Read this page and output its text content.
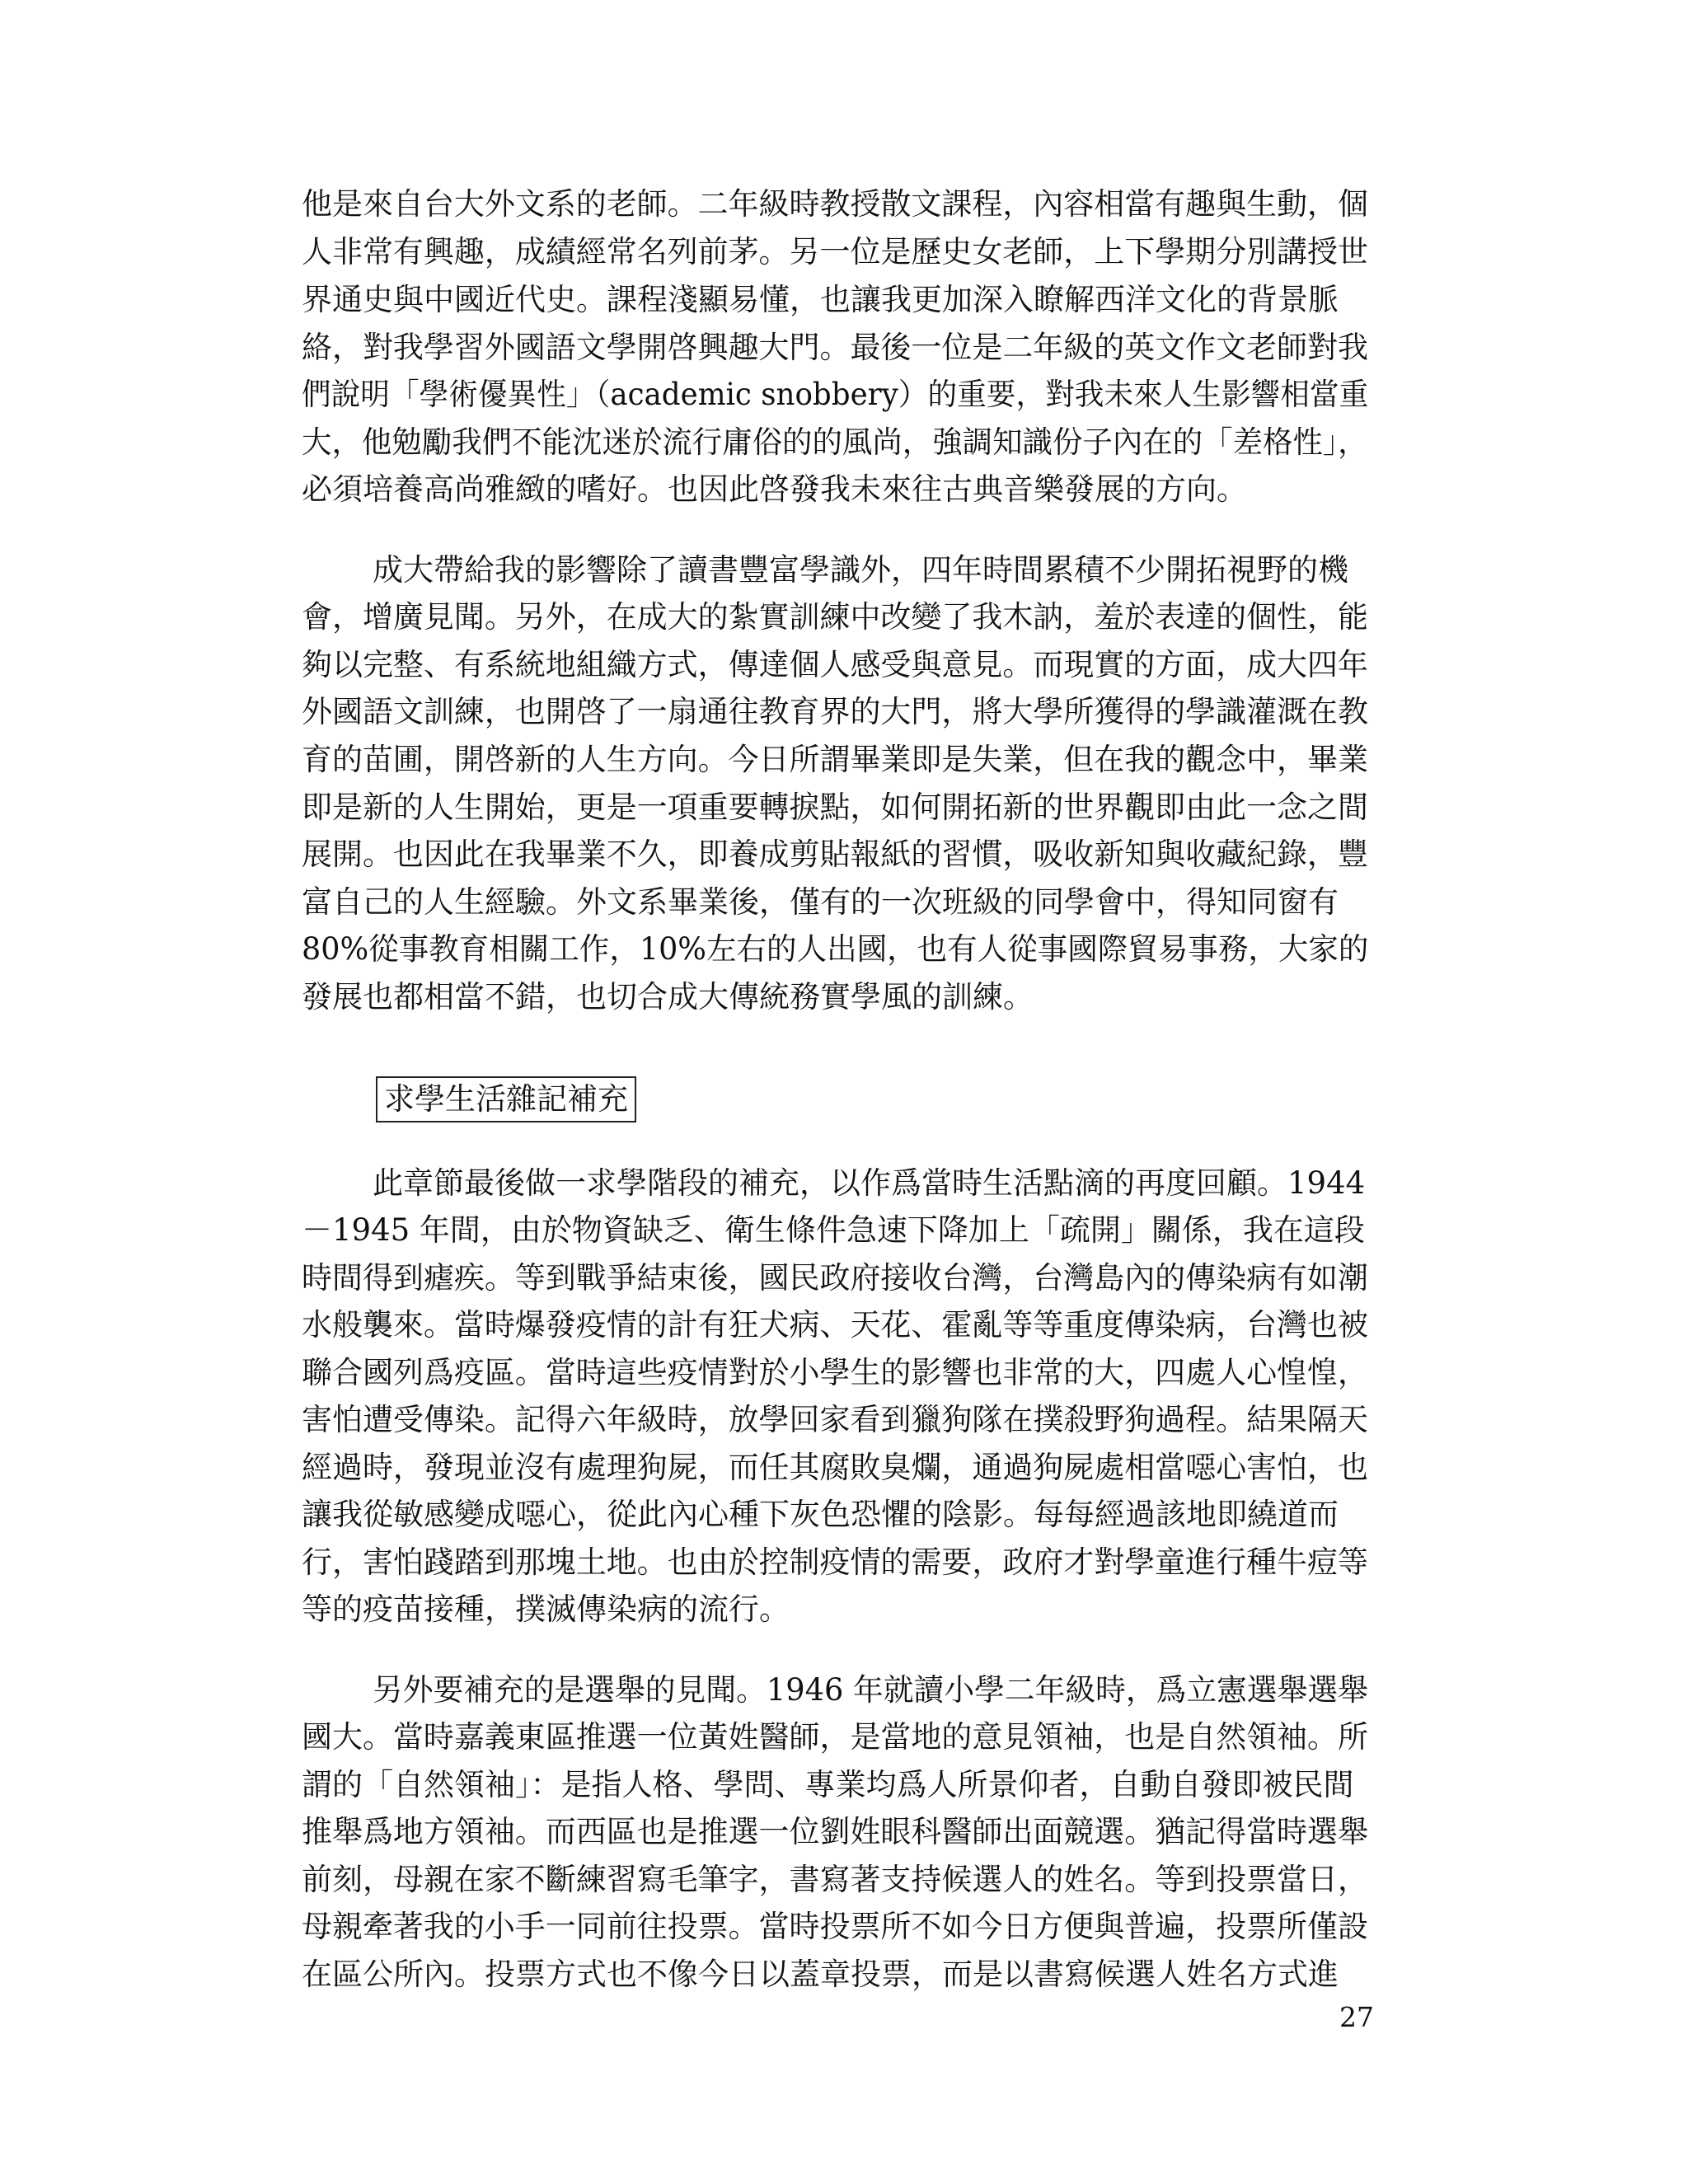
他是來自台大外文系的老師。二年級時教授散文課程，內容相當有趣與生動，個
人非常有興趣，成績經常名列前茅。另一位是歷史女老師，上下學期分別講授世
界通史與中國近代史。課程淺顯易懂，也讓我更加深入瞭解西洋文化的背景脈
絡，對我學習外國語文學開啓興趣大門。最後一位是二年級的英文作文老師對我
們說明「學術優異性」（academic snobbery）的重要，對我未來人生影響相當重
大，他勉勵我們不能沈迷於流行庸俗的的風尚，強調知識份子內在的「差格性」，
必須培養高尚雅緻的嗜好。也因此啓發我未來往古典音樂發展的方向。
成大帶給我的影響除了讀書豐富學識外，四年時間累積不少開拓視野的機
會，增廣見聞。另外，在成大的紮實訓練中改變了我木訥，羞於表達的個性，能
夠以完整、有系統地組織方式，傳達個人感受與意見。而現實的方面，成大四年
外國語文訓練，也開啓了一扇通往教育界的大門，將大學所獲得的學識灌溉在教
育的苗圃，開啓新的人生方向。今日所謂畢業即是失業，但在我的觀念中，畢業
即是新的人生開始，更是一項重要轉捩點，如何開拓新的世界觀即由此一念之間
展開。也因此在我畢業不久，即養成剪貼報紙的習慣，吸收新知與收藏紀錄，豐
富自己的人生經驗。外文系畢業後，僅有的一次班級的同學會中，得知同窗有
80%從事教育相關工作，10%左右的人出國，也有人從事國際貿易事務，大家的
發展也都相當不錯，也切合成大傳統務實學風的訓練。
求學生活雜記補充
此章節最後做一求學階段的補充，以作爲當時生活點滴的再度回顧。1944
－1945 年間，由於物資缺乏、衛生條件急速下降加上「疏開」關係，我在這段
時間得到瘧疾。等到戰爭結束後，國民政府接收台灣，台灣島內的傳染病有如潮
水般襲來。當時爆發疫情的計有狂犬病、天花、霍亂等等重度傳染病，台灣也被
聯合國列爲疫區。當時這些疫情對於小學生的影響也非常的大，四處人心惶惶，
害怕遭受傳染。記得六年級時，放學回家看到獵狗隊在撲殺野狗過程。結果隔天
經過時，發現並沒有處理狗屍，而任其腐敗臭爛，通過狗屍處相當噁心害怕，也
讓我從敏感變成噁心，從此內心種下灰色恐懼的陰影。每每經過該地即繞道而
行，害怕踐踏到那塊土地。也由於控制疫情的需要，政府才對學童進行種牛痘等
等的疫苗接種，撲滅傳染病的流行。
另外要補充的是選舉的見聞。1946 年就讀小學二年級時，爲立憲選舉選舉
國大。當時嘉義東區推選一位黃姓醫師，是當地的意見領袖，也是自然領袖。所
謂的「自然領袖」：是指人格、學問、專業均爲人所景仰者，自動自發即被民間
推舉爲地方領袖。而西區也是推選一位劉姓眼科醫師出面競選。猶記得當時選舉
前刻，母親在家不斷練習寫毛筆字，書寫著支持候選人的姓名。等到投票當日，
母親牽著我的小手一同前往投票。當時投票所不如今日方便與普遍，投票所僅設
在區公所內。投票方式也不像今日以蓋章投票，而是以書寫候選人姓名方式進
27
